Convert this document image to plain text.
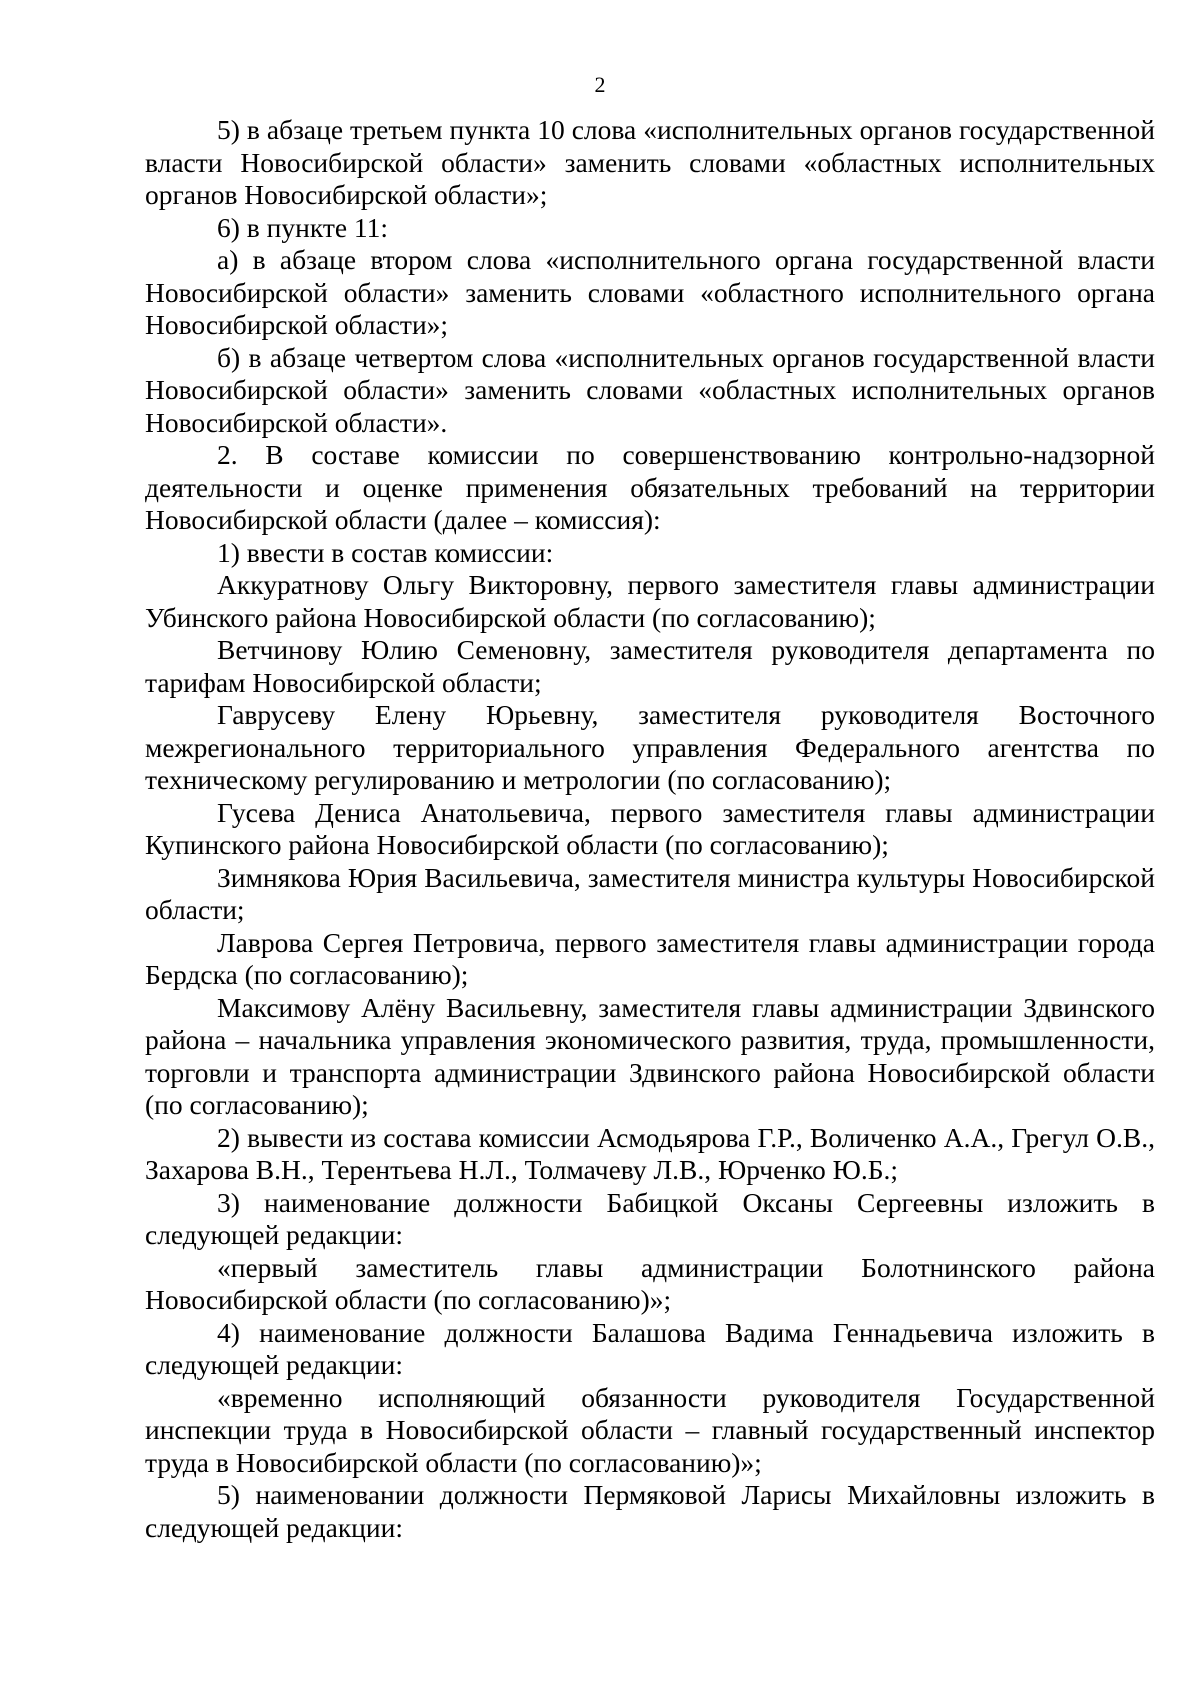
2

5) в абзаце третьем пункта 10 слова «исполнительных органов государственной власти Новосибирской области» заменить словами «областных исполнительных органов Новосибирской области»;

6) в пункте 11:

а) в абзаце втором слова «исполнительного органа государственной власти Новосибирской области» заменить словами «областного исполнительного органа Новосибирской области»;

б) в абзаце четвертом слова «исполнительных органов государственной власти Новосибирской области» заменить словами «областных исполнительных органов Новосибирской области».

2. В составе комиссии по совершенствованию контрольно-надзорной деятельности и оценке применения обязательных требований на территории Новосибирской области (далее – комиссия):

1) ввести в состав комиссии:

Аккуратнову Ольгу Викторовну, первого заместителя главы администрации Убинского района Новосибирской области (по согласованию);

Ветчинову Юлию Семеновну, заместителя руководителя департамента по тарифам Новосибирской области;

Гаврусеву Елену Юрьевну, заместителя руководителя Восточного межрегионального территориального управления Федерального агентства по техническому регулированию и метрологии (по согласованию);

Гусева Дениса Анатольевича, первого заместителя главы администрации Купинского района Новосибирской области (по согласованию);

Зимнякова Юрия Васильевича, заместителя министра культуры Новосибирской области;

Лаврова Сергея Петровича, первого заместителя главы администрации города Бердска (по согласованию);

Максимову Алёну Васильевну, заместителя главы администрации Здвинского района – начальника управления экономического развития, труда, промышленности, торговли и транспорта администрации Здвинского района Новосибирской области (по согласованию);

2) вывести из состава комиссии Асмодьярова Г.Р., Воличенко А.А., Грегул О.В., Захарова В.Н., Терентьева Н.Л., Толмачеву Л.В., Юрченко Ю.Б.;

3) наименование должности Бабицкой Оксаны Сергеевны изложить в следующей редакции:

«первый заместитель главы администрации Болотнинского района Новосибирской области (по согласованию)»;

4) наименование должности Балашова Вадима Геннадьевича изложить в следующей редакции:

«временно исполняющий обязанности руководителя Государственной инспекции труда в Новосибирской области – главный государственный инспектор труда в Новосибирской области (по согласованию)»;

5) наименовании должности Пермяковой Ларисы Михайловны изложить в следующей редакции:
